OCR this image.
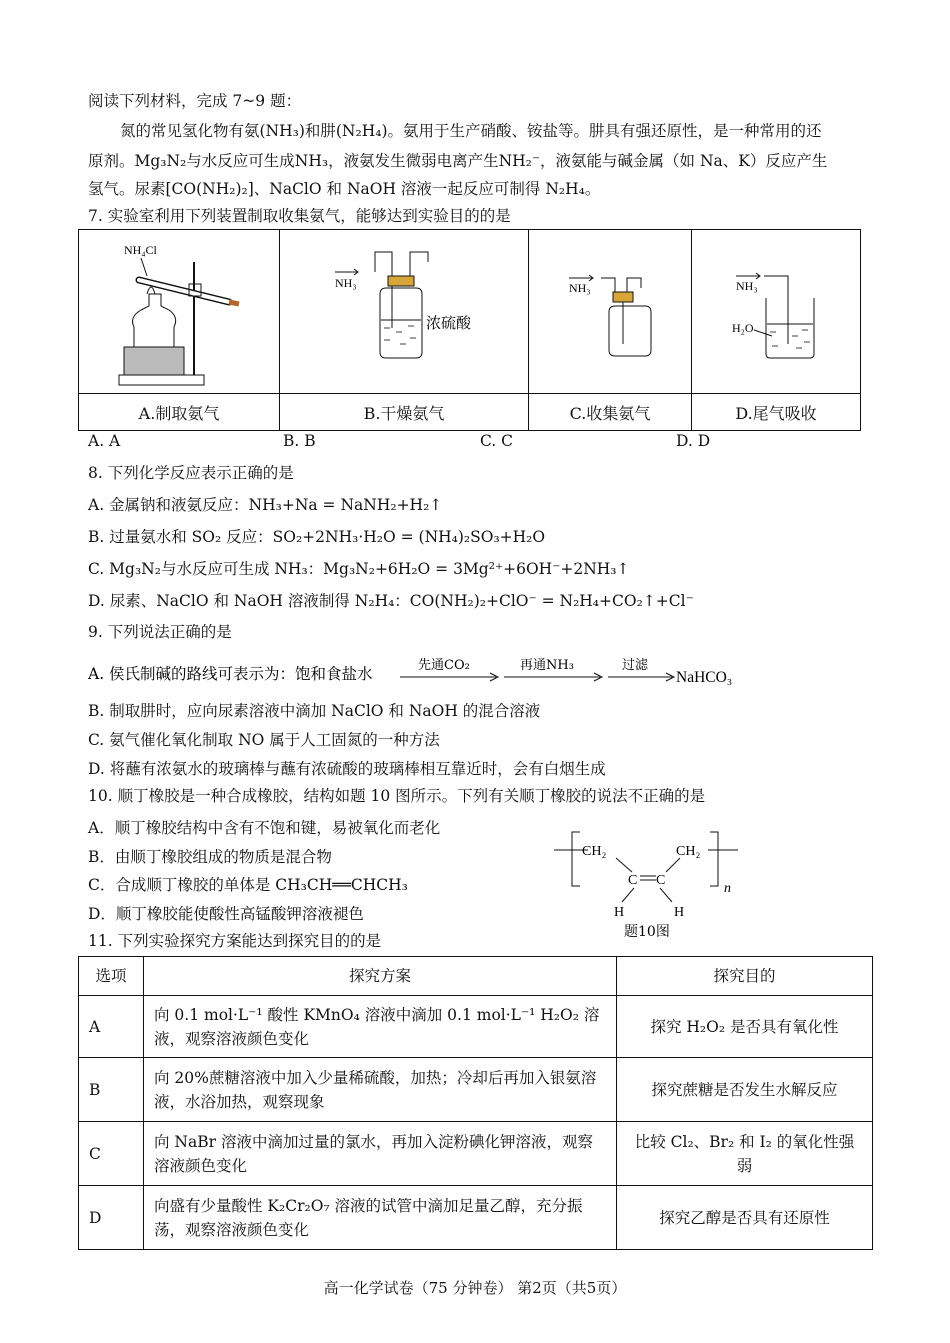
阅读下列材料，完成 7~9 题：
氮的常见氢化物有氨(NH₃)和肼(N₂H₄)。氨用于生产硝酸、铵盐等。肼具有强还原性，是一种常用的还
原剂。Mg₃N₂与水反应可生成NH₃，液氨发生微弱电离产生NH₂⁻，液氨能与碱金属（如 Na、K）反应产生
氢气。尿素[CO(NH₂)₂]、NaClO 和 NaOH 溶液一起反应可制得 N₂H₄。
7. 实验室利用下列装置制取收集氨气，能够达到实验目的的是
NH₄Cl	NH₃
浓硫酸	NH₃	NH₃
H₂O

A.制取氨气	B.干燥氨气	C.收集氨气	D.尾气吸收
A. A	B. B	C. C	D. D
8. 下列化学反应表示正确的是
A. 金属钠和液氨反应：NH₃+Na = NaNH₂+H₂↑
B. 过量氨水和 SO₂ 反应：SO₂+2NH₃·H₂O = (NH₄)₂SO₃+H₂O
C. Mg₃N₂与水反应可生成 NH₃：Mg₃N₂+6H₂O = 3Mg²⁺+6OH⁻+2NH₃↑
D. 尿素、NaClO 和 NaOH 溶液制得 N₂H₄：CO(NH₂)₂+ClO⁻ = N₂H₄+CO₂↑+Cl⁻
9. 下列说法正确的是
A. 侯氏制碱的路线可表示为：饱和食盐水	先通CO₂	再通NH₃	过滤
NaHCO₃
B. 制取肼时，应向尿素溶液中滴加 NaClO 和 NaOH 的混合溶液
C. 氨气催化氧化制取 NO 属于人工固氮的一种方法
D. 将蘸有浓氨水的玻璃棒与蘸有浓硫酸的玻璃棒相互靠近时，会有白烟生成
10. 顺丁橡胶是一种合成橡胶，结构如题 10 图所示。下列有关顺丁橡胶的说法不正确的是
A．顺丁橡胶结构中含有不饱和键，易被氧化而老化
B．由顺丁橡胶组成的物质是混合物
C．合成顺丁橡胶的单体是 CH₃CH══CHCH₃
D．顺丁橡胶能使酸性高锰酸钾溶液褪色
CH₂
C C
CH₂
H	H
n
题10图
11. 下列实验探究方案能达到探究目的的是
选项	探究方案	探究目的
A	向 0.1 mol·L⁻¹ 酸性 KMnO₄ 溶液中滴加 0.1 mol·L⁻¹ H₂O₂ 溶液，观察溶液颜色变化	探究 H₂O₂ 是否具有氧化性
B	向 20%蔗糖溶液中加入少量稀硫酸，加热；冷却后再加入银氨溶液，水浴加热，观察现象	探究蔗糖是否发生水解反应
C	向 NaBr 溶液中滴加过量的氯水，再加入淀粉碘化钾溶液，观察溶液颜色变化	比较 Cl₂、Br₂ 和 I₂ 的氧化性强弱
D	向盛有少量酸性 K₂Cr₂O₇ 溶液的试管中滴加足量乙醇，充分振荡，观察溶液颜色变化	探究乙醇是否具有还原性
高一化学试卷（75 分钟卷） 第2页（共5页）
